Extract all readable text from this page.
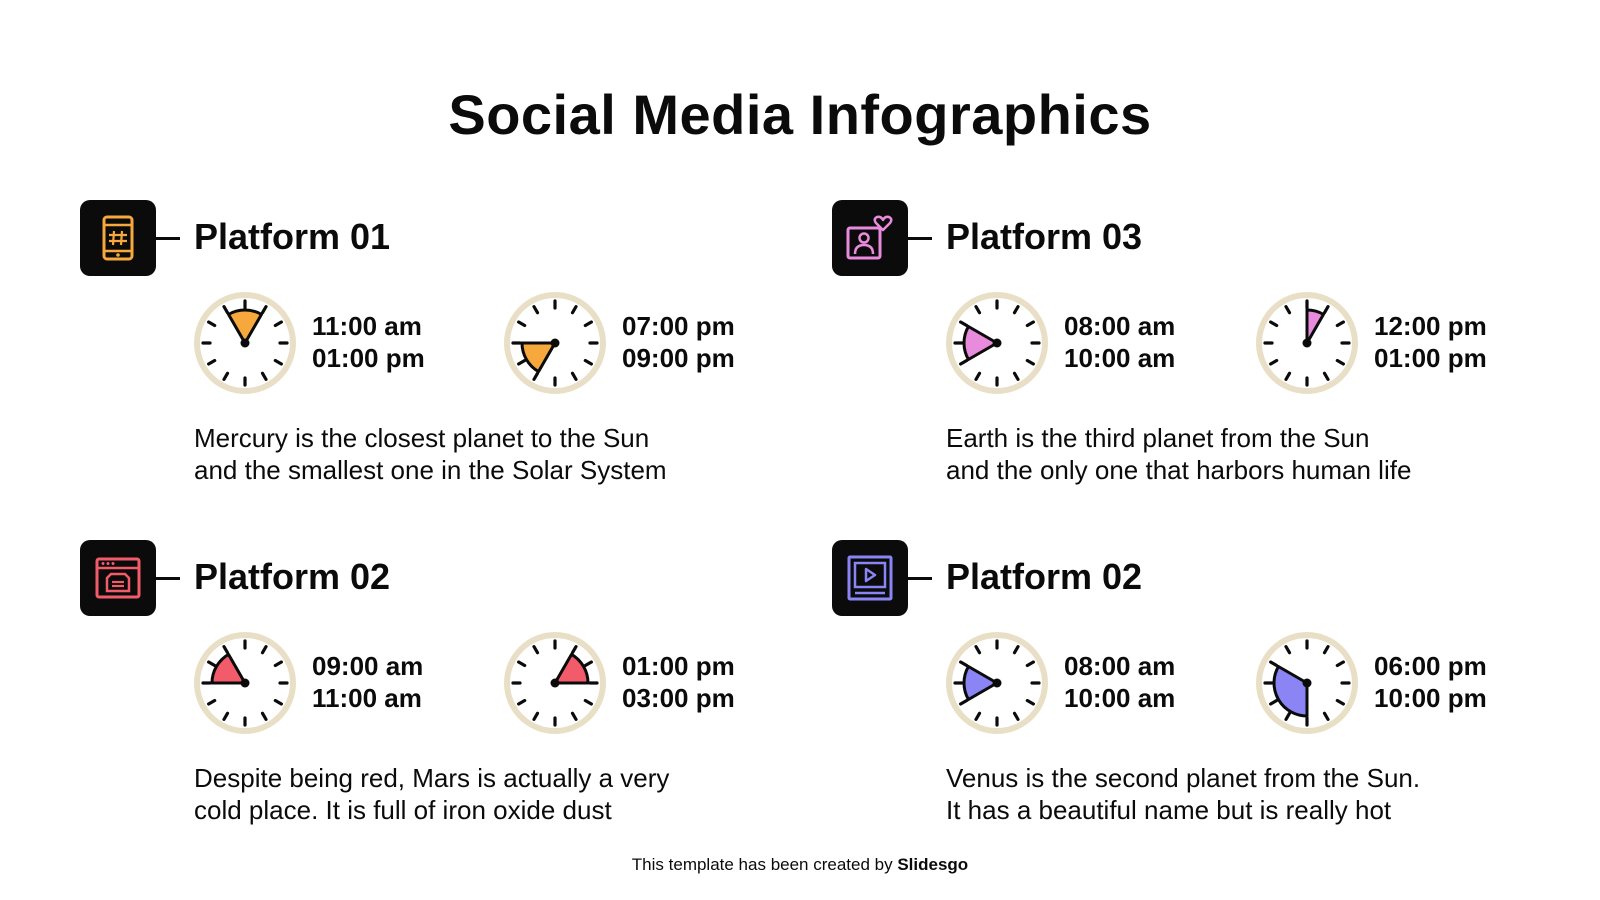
Social Media Infographics
Platform 01
11:00 am
01:00 pm
07:00 pm
09:00 pm
Mercury is the closest planet to the Sun
and the smallest one in the Solar System
Platform 02
09:00 am
11:00 am
01:00 pm
03:00 pm
Despite being red, Mars is actually a very
cold place. It is full of iron oxide dust
Platform 03
08:00 am
10:00 am
12:00 pm
01:00 pm
Earth is the third planet from the Sun
and the only one that harbors human life
Platform 02
08:00 am
10:00 am
06:00 pm
10:00 pm
Venus is the second planet from the Sun.
It has a beautiful name but is really hot
This template has been created by Slidesgo
